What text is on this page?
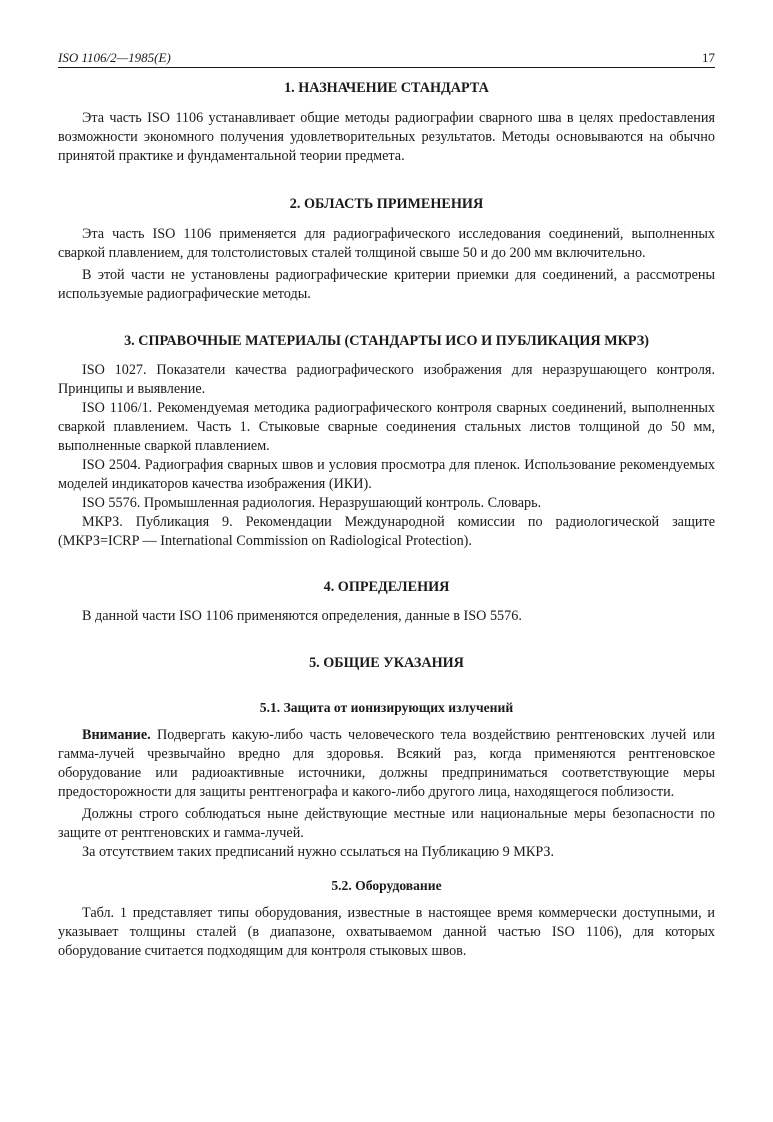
ISO 1106/2—1985(E)	17
1. НАЗНАЧЕНИЕ СТАНДАРТА

Эта часть ISO 1106 устанавливает общие методы радиографии сварного шва в целях преdоставления возможности экономного получения удовлетворительных результатов. Методы основываются на обычно принятой практике и фундаментальной теории предмета.

2. ОБЛАСТЬ ПРИМЕНЕНИЯ

Эта часть ISO 1106 применяется для радиографического исследования соединений, выполненных сваркой плавлением, для толстолистовых сталей толщиной свыше 50 и до 200 мм включительно.

В этой части не установлены радиографические критерии приемки для соединений, а рассмотрены используемые радиографические методы.

3. СПРАВОЧНЫЕ МАТЕРИАЛЫ (СТАНДАРТЫ ИСО И ПУБЛИКАЦИЯ МКРЗ)

ISO 1027. Показатели качества радиографического изображения для неразрушающего контроля. Принципы и выявление.

ISO 1106/1. Рекомендуемая методика радиографического контроля сварных соединений, выполненных сваркой плавлением. Часть 1. Стыковые сварные соединения стальных листов толщиной до 50 мм, выполненные сваркой плавлением.

ISO 2504. Радиография сварных швов и условия просмотра для пленок. Использование рекомендуемых моделей индикаторов качества изображения (ИКИ).

ISO 5576. Промышленная радиология. Неразрушающий контроль. Словарь.

МКРЗ. Публикация 9. Рекомендации Международной комиссии по радиологической защите (МКРЗ=ICRP — International Commission on Radiological Protection).

4. ОПРЕДЕЛЕНИЯ

В данной части ISO 1106 применяются определения, данные в ISO 5576.

5. ОБЩИЕ УКАЗАНИЯ
5.1. Защита от ионизирующих излучений

Внимание. Подвергать какую-либо часть человеческого тела воздействию рентгеновских лучей или гамма-лучей чрезвычайно вредно для здоровья. Всякий раз, когда применяются рентгеновское оборудование или радиоактивные источники, должны предприниматься соответствующие меры предосторожности для защиты рентгенографа и какого-либо другого лица, находящегося поблизости.

Должны строго соблюдаться ныне действующие местные или национальные меры безопасности по защите от рентгеновских и гамма-лучей.

За отсутствием таких предписаний нужно ссылаться на Публикацию 9 МКРЗ.

5.2. Оборудование

Табл. 1 представляет типы оборудования, известные в настоящее время коммерчески доступными, и указывает толщины сталей (в диапазоне, охватываемом данной частью ISO 1106), для которых оборудование считается подходящим для контроля стыковых швов.
